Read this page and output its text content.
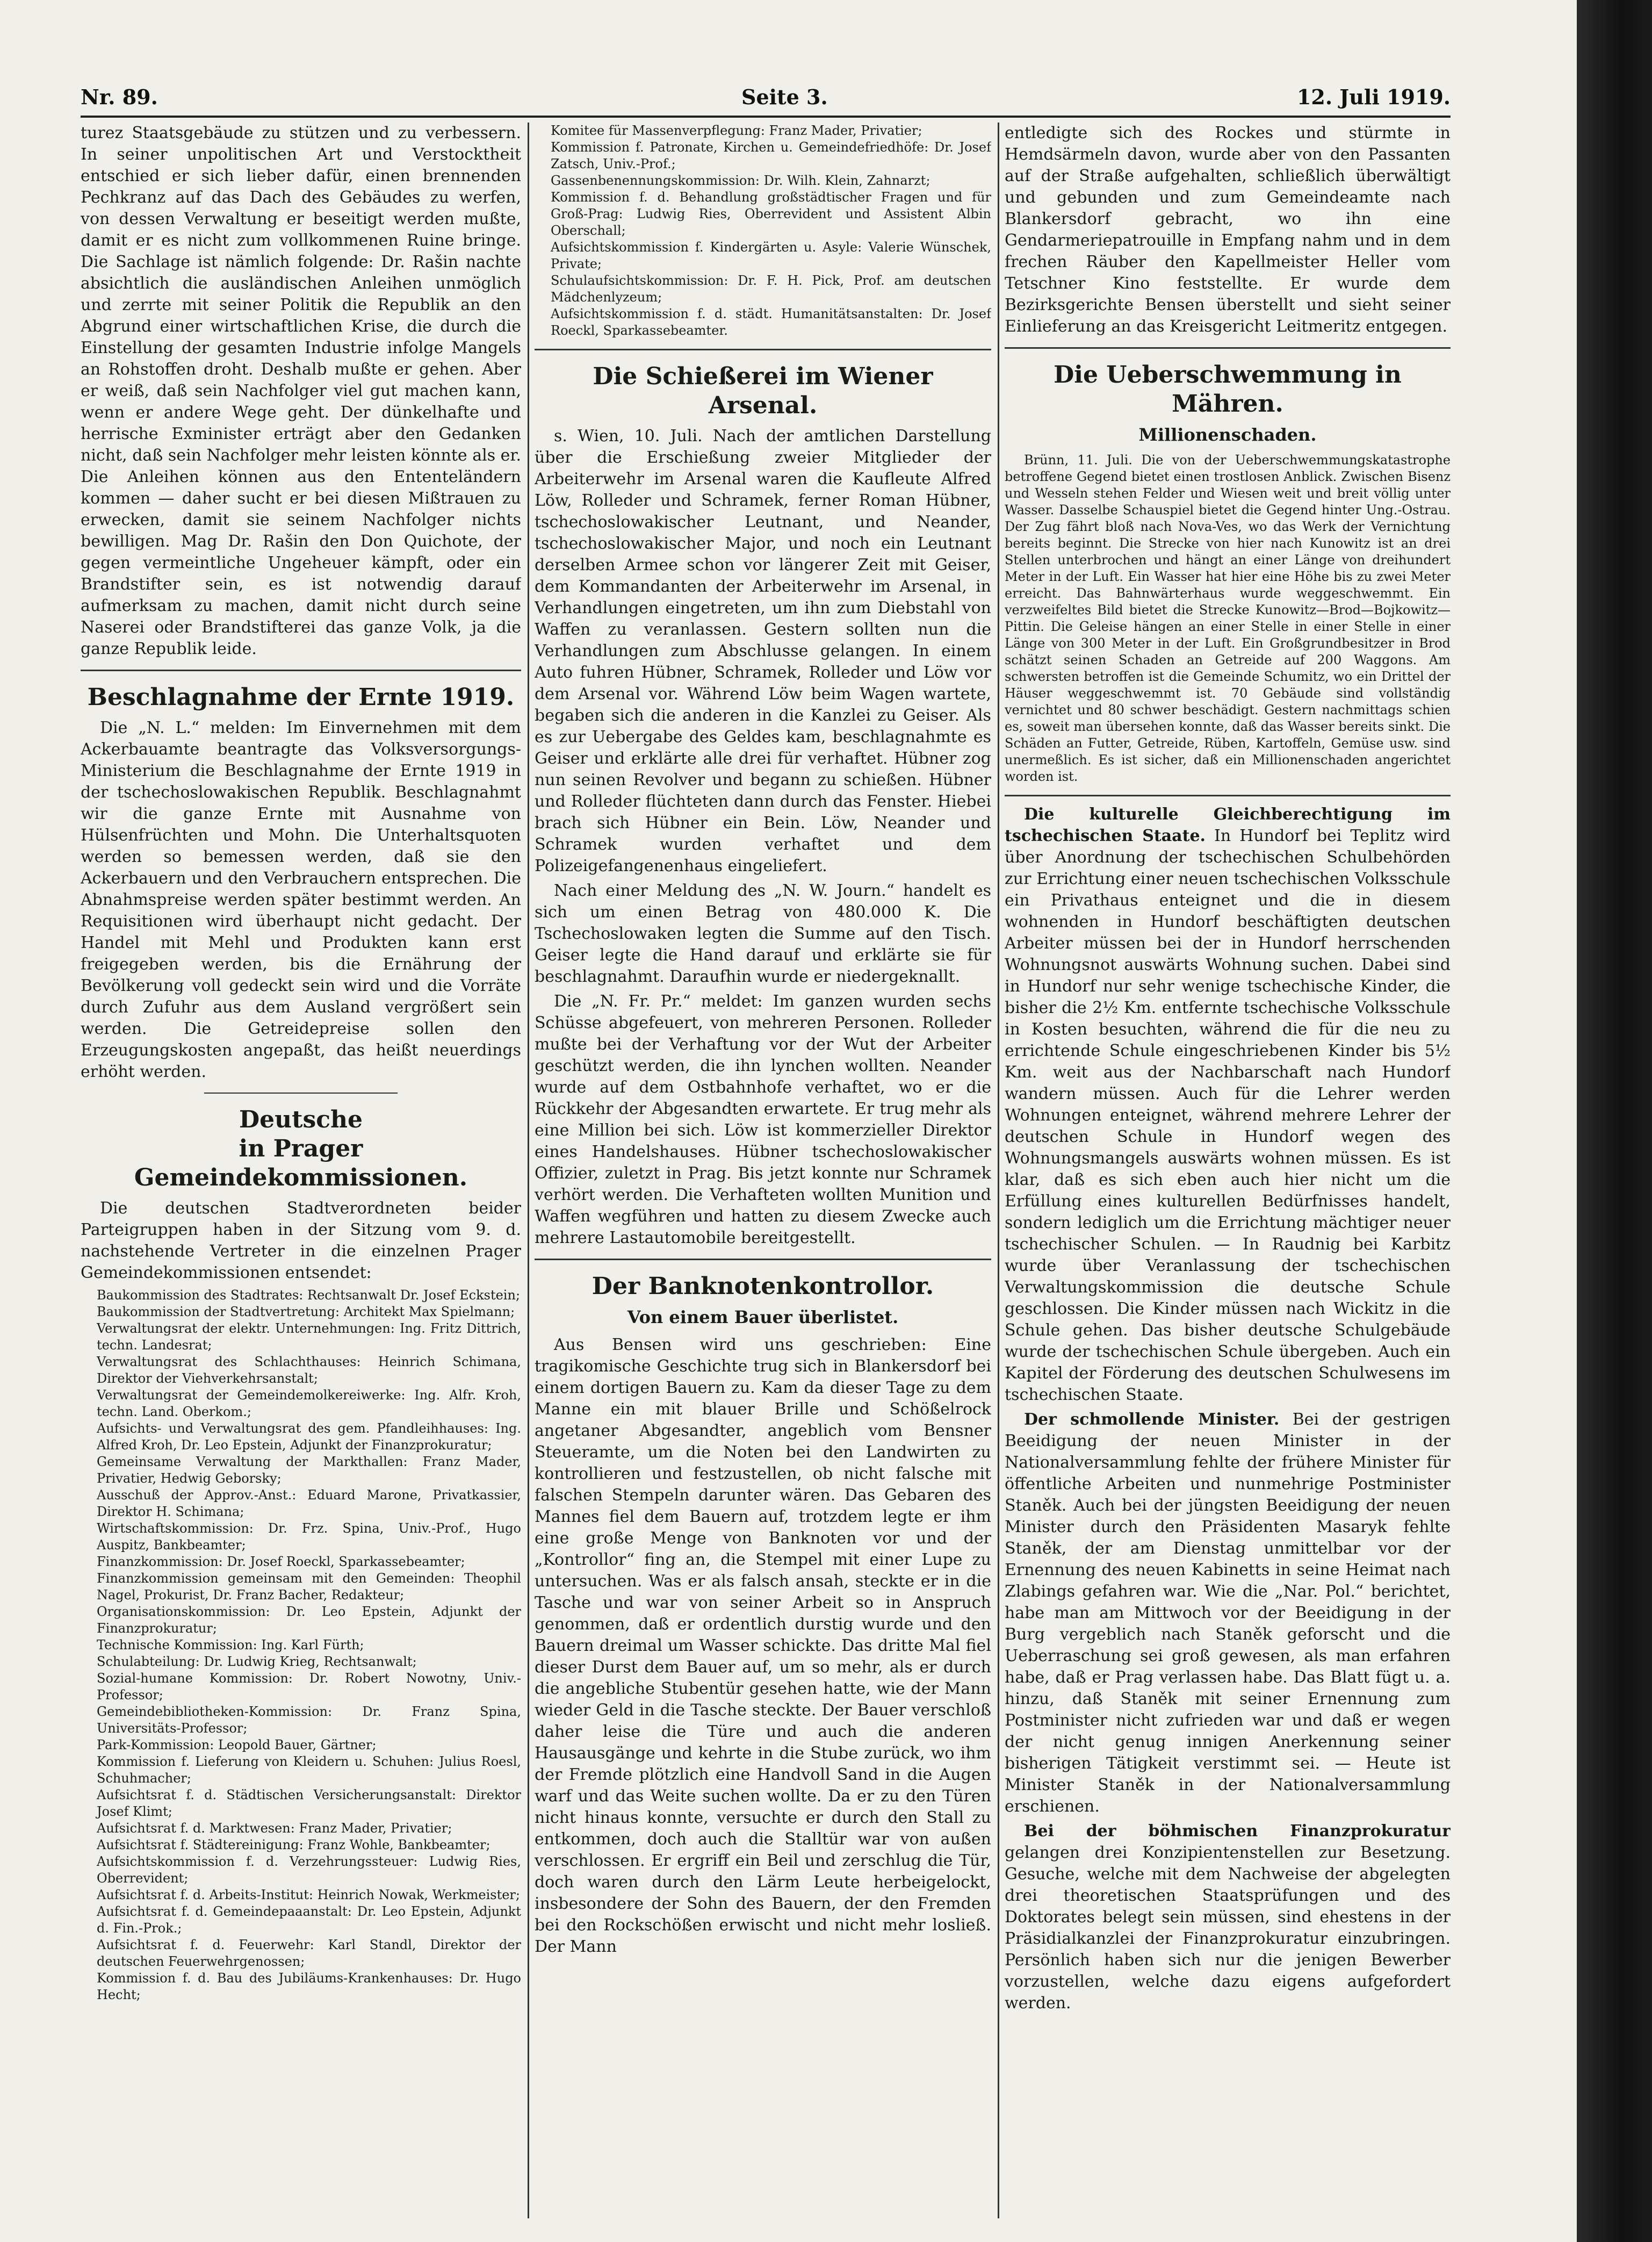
Nr. 89.	Seite 3.	12. Juli 1919.

turez Staatsgebäude zu stützen und zu verbessern. In seiner unpolitischen Art und Verstocktheit entschied er sich lieber dafür, einen brennenden Pechkranz auf das Dach des Gebäudes zu werfen, von dessen Verwaltung er beseitigt werden mußte, damit er es nicht zum vollkommenen Ruine bringe. Die Sachlage ist nämlich folgende: Dr. Rašin nachte absichtlich die ausländischen Anleihen unmöglich und zerrte mit seiner Politik die Republik an den Abgrund einer wirtschaftlichen Krise, die durch die Einstellung der gesamten Industrie infolge Mangels an Rohstoffen droht. Deshalb mußte er gehen. Aber er weiß, daß sein Nachfolger viel gut machen kann, wenn er andere Wege geht. Der dünkelhafte und herrische Exminister erträgt aber den Gedanken nicht, daß sein Nachfolger mehr leisten könnte als er. Die Anleihen können aus den Ententeländern kommen — daher sucht er bei diesen Mißtrauen zu erwecken, damit sie seinem Nachfolger nichts bewilligen. Mag Dr. Rašin den Don Quichote, der gegen vermeintliche Ungeheuer kämpft, oder ein Brandstifter sein, es ist notwendig darauf aufmerksam zu machen, damit nicht durch seine Naserei oder Brandstifterei das ganze Volk, ja die ganze Republik leide.

Beschlagnahme der Ernte 1919.

Die „N. L.“ melden: Im Einvernehmen mit dem Ackerbauamte beantragte das Volksversorgungs-Ministerium die Beschlagnahme der Ernte 1919 in der tschechoslowakischen Republik. Beschlagnahmt wir die ganze Ernte mit Ausnahme von Hülsenfrüchten und Mohn. Die Unterhaltsquoten werden so bemessen werden, daß sie den Ackerbauern und den Verbrauchern entsprechen. Die Abnahmspreise werden später bestimmt werden. An Requisitionen wird überhaupt nicht gedacht. Der Handel mit Mehl und Produkten kann erst freigegeben werden, bis die Ernährung der Bevölkerung voll gedeckt sein wird und die Vorräte durch Zufuhr aus dem Ausland vergrößert sein werden. Die Getreidepreise sollen den Erzeugungskosten angepaßt, das heißt neuerdings erhöht werden.

Deutsche
in Prager Gemeindekommissionen.

Die deutschen Stadtverordneten beider Parteigruppen haben in der Sitzung vom 9. d. nachstehende Vertreter in die einzelnen Prager Gemeindekommissionen entsendet:

Baukommission des Stadtrates: Rechtsanwalt Dr. Josef Eckstein;

Baukommission der Stadtvertretung: Architekt Max Spielmann;

Verwaltungsrat der elektr. Unternehmungen: Ing. Fritz Dittrich, techn. Landesrat;

Verwaltungsrat des Schlachthauses: Heinrich Schimana, Direktor der Viehverkehrsanstalt;

Verwaltungsrat der Gemeindemolkereiwerke: Ing. Alfr. Kroh, techn. Land. Oberkom.;

Aufsichts- und Verwaltungsrat des gem. Pfandleihhauses: Ing. Alfred Kroh, Dr. Leo Epstein, Adjunkt der Finanzprokuratur;

Gemeinsame Verwaltung der Markthallen: Franz Mader, Privatier, Hedwig Geborsky;

Ausschuß der Approv.-Anst.: Eduard Marone, Privatkassier, Direktor H. Schimana;

Wirtschaftskommission: Dr. Frz. Spina, Univ.-Prof., Hugo Auspitz, Bankbeamter;

Finanzkommission: Dr. Josef Roeckl, Sparkassebeamter;

Finanzkommission gemeinsam mit den Gemeinden: Theophil Nagel, Prokurist, Dr. Franz Bacher, Redakteur;

Organisationskommission: Dr. Leo Epstein, Adjunkt der Finanzprokuratur;

Technische Kommission: Ing. Karl Fürth;

Schulabteilung: Dr. Ludwig Krieg, Rechtsanwalt;

Sozial-humane Kommission: Dr. Robert Nowotny, Univ.-Professor;

Gemeindebibliotheken-Kommission: Dr. Franz Spina, Universitäts-Professor;

Park-Kommission: Leopold Bauer, Gärtner;

Kommission f. Lieferung von Kleidern u. Schuhen: Julius Roesl, Schuhmacher;

Aufsichtsrat f. d. Städtischen Versicherungsanstalt: Direktor Josef Klimt;

Aufsichtsrat f. d. Marktwesen: Franz Mader, Privatier;

Aufsichtsrat f. Städtereinigung: Franz Wohle, Bankbeamter;

Aufsichtskommission f. d. Verzehrungssteuer: Ludwig Ries, Oberrevident;

Aufsichtsrat f. d. Arbeits-Institut: Heinrich Nowak, Werkmeister;

Aufsichtsrat f. d. Gemeindepaaanstalt: Dr. Leo Epstein, Adjunkt d. Fin.-Prok.;

Aufsichtsrat f. d. Feuerwehr: Karl Standl, Direktor der deutschen Feuerwehrgenossen;

Kommission f. d. Bau des Jubiläums-Krankenhauses: Dr. Hugo Hecht;

Komitee für Massenverpflegung: Franz Mader, Privatier;

Kommission f. Patronate, Kirchen u. Gemeindefriedhöfe: Dr. Josef Zatsch, Univ.-Prof.;

Gassenbenennungskommission: Dr. Wilh. Klein, Zahnarzt;

Kommission f. d. Behandlung großstädtischer Fragen und für Groß-Prag: Ludwig Ries, Oberrevident und Assistent Albin Oberschall;

Aufsichtskommission f. Kindergärten u. Asyle: Valerie Wünschek, Private;

Schulaufsichtskommission: Dr. F. H. Pick, Prof. am deutschen Mädchenlyzeum;

Aufsichtskommission f. d. städt. Humanitätsanstalten: Dr. Josef Roeckl, Sparkassebeamter.

Die Schießerei im Wiener Arsenal.

s. Wien, 10. Juli. Nach der amtlichen Darstellung über die Erschießung zweier Mitglieder der Arbeiterwehr im Arsenal waren die Kaufleute Alfred Löw, Rolleder und Schramek, ferner Roman Hübner, tschechoslowakischer Leutnant, und Neander, tschechoslowakischer Major, und noch ein Leutnant derselben Armee schon vor längerer Zeit mit Geiser, dem Kommandanten der Arbeiterwehr im Arsenal, in Verhandlungen eingetreten, um ihn zum Diebstahl von Waffen zu veranlassen. Gestern sollten nun die Verhandlungen zum Abschlusse gelangen. In einem Auto fuhren Hübner, Schramek, Rolleder und Löw vor dem Arsenal vor. Während Löw beim Wagen wartete, begaben sich die anderen in die Kanzlei zu Geiser. Als es zur Uebergabe des Geldes kam, beschlagnahmte es Geiser und erklärte alle drei für verhaftet. Hübner zog nun seinen Revolver und begann zu schießen. Hübner und Rolleder flüchteten dann durch das Fenster. Hiebei brach sich Hübner ein Bein. Löw, Neander und Schramek wurden verhaftet und dem Polizeigefangenenhaus eingeliefert.

Nach einer Meldung des „N. W. Journ.“ handelt es sich um einen Betrag von 480.000 K. Die Tschechoslowaken legten die Summe auf den Tisch. Geiser legte die Hand darauf und erklärte sie für beschlagnahmt. Daraufhin wurde er niedergeknallt.

Die „N. Fr. Pr.“ meldet: Im ganzen wurden sechs Schüsse abgefeuert, von mehreren Personen. Rolleder mußte bei der Verhaftung vor der Wut der Arbeiter geschützt werden, die ihn lynchen wollten. Neander wurde auf dem Ostbahnhofe verhaftet, wo er die Rückkehr der Abgesandten erwartete. Er trug mehr als eine Million bei sich. Löw ist kommerzieller Direktor eines Handelshauses. Hübner tschechoslowakischer Offizier, zuletzt in Prag. Bis jetzt konnte nur Schramek verhört werden. Die Verhafteten wollten Munition und Waffen wegführen und hatten zu diesem Zwecke auch mehrere Lastautomobile bereitgestellt.

Der Banknotenkontrollor.
Von einem Bauer überlistet.

Aus Bensen wird uns geschrieben: Eine tragikomische Geschichte trug sich in Blankersdorf bei einem dortigen Bauern zu. Kam da dieser Tage zu dem Manne ein mit blauer Brille und Schößelrock angetaner Abgesandter, angeblich vom Bensner Steueramte, um die Noten bei den Landwirten zu kontrollieren und festzustellen, ob nicht falsche mit falschen Stempeln darunter wären. Das Gebaren des Mannes fiel dem Bauern auf, trotzdem legte er ihm eine große Menge von Banknoten vor und der „Kontrollor“ fing an, die Stempel mit einer Lupe zu untersuchen. Was er als falsch ansah, steckte er in die Tasche und war von seiner Arbeit so in Anspruch genommen, daß er ordentlich durstig wurde und den Bauern dreimal um Wasser schickte. Das dritte Mal fiel dieser Durst dem Bauer auf, um so mehr, als er durch die angebliche Stubentür gesehen hatte, wie der Mann wieder Geld in die Tasche steckte. Der Bauer verschloß daher leise die Türe und auch die anderen Hausausgänge und kehrte in die Stube zurück, wo ihm der Fremde plötzlich eine Handvoll Sand in die Augen warf und das Weite suchen wollte. Da er zu den Türen nicht hinaus konnte, versuchte er durch den Stall zu entkommen, doch auch die Stalltür war von außen verschlossen. Er ergriff ein Beil und zerschlug die Tür, doch waren durch den Lärm Leute herbeigelockt, insbesondere der Sohn des Bauern, der den Fremden bei den Rockschößen erwischt und nicht mehr losließ. Der Mann

entledigte sich des Rockes und stürmte in Hemdsärmeln davon, wurde aber von den Passanten auf der Straße aufgehalten, schließlich überwältigt und gebunden und zum Gemeindeamte nach Blankersdorf gebracht, wo ihn eine Gendarmeriepatrouille in Empfang nahm und in dem frechen Räuber den Kapellmeister Heller vom Tetschner Kino feststellte. Er wurde dem Bezirksgerichte Bensen überstellt und sieht seiner Einlieferung an das Kreisgericht Leitmeritz entgegen.

Die Ueberschwemmung in Mähren.
Millionenschaden.

Brünn, 11. Juli. Die von der Ueberschwemmungskatastrophe betroffene Gegend bietet einen trostlosen Anblick. Zwischen Bisenz und Wesseln stehen Felder und Wiesen weit und breit völlig unter Wasser. Dasselbe Schauspiel bietet die Gegend hinter Ung.-Ostrau. Der Zug fährt bloß nach Nova-Ves, wo das Werk der Vernichtung bereits beginnt. Die Strecke von hier nach Kunowitz ist an drei Stellen unterbrochen und hängt an einer Länge von dreihundert Meter in der Luft. Ein Wasser hat hier eine Höhe bis zu zwei Meter erreicht. Das Bahnwärterhaus wurde weggeschwemmt. Ein verzweifeltes Bild bietet die Strecke Kunowitz—Brod—Bojkowitz—Pittin. Die Geleise hängen an einer Stelle in einer Stelle in einer Länge von 300 Meter in der Luft. Ein Großgrundbesitzer in Brod schätzt seinen Schaden an Getreide auf 200 Waggons. Am schwersten betroffen ist die Gemeinde Schumitz, wo ein Drittel der Häuser weggeschwemmt ist. 70 Gebäude sind vollständig vernichtet und 80 schwer beschädigt. Gestern nachmittags schien es, soweit man übersehen konnte, daß das Wasser bereits sinkt. Die Schäden an Futter, Getreide, Rüben, Kartoffeln, Gemüse usw. sind unermeßlich. Es ist sicher, daß ein Millionenschaden angerichtet worden ist.

Die kulturelle Gleichberechtigung im tschechischen Staate. In Hundorf bei Teplitz wird über Anordnung der tschechischen Schulbehörden zur Errichtung einer neuen tschechischen Volksschule ein Privathaus enteignet und die in diesem wohnenden in Hundorf beschäftigten deutschen Arbeiter müssen bei der in Hundorf herrschenden Wohnungsnot auswärts Wohnung suchen. Dabei sind in Hundorf nur sehr wenige tschechische Kinder, die bisher die 2½ Km. entfernte tschechische Volksschule in Kosten besuchten, während die für die neu zu errichtende Schule eingeschriebenen Kinder bis 5½ Km. weit aus der Nachbarschaft nach Hundorf wandern müssen. Auch für die Lehrer werden Wohnungen enteignet, während mehrere Lehrer der deutschen Schule in Hundorf wegen des Wohnungsmangels auswärts wohnen müssen. Es ist klar, daß es sich eben auch hier nicht um die Erfüllung eines kulturellen Bedürfnisses handelt, sondern lediglich um die Errichtung mächtiger neuer tschechischer Schulen. — In Raudnig bei Karbitz wurde über Veranlassung der tschechischen Verwaltungskommission die deutsche Schule geschlossen. Die Kinder müssen nach Wickitz in die Schule gehen. Das bisher deutsche Schulgebäude wurde der tschechischen Schule übergeben. Auch ein Kapitel der Förderung des deutschen Schulwesens im tschechischen Staate.

Der schmollende Minister. Bei der gestrigen Beeidigung der neuen Minister in der Nationalversammlung fehlte der frühere Minister für öffentliche Arbeiten und nunmehrige Postminister Staněk. Auch bei der jüngsten Beeidigung der neuen Minister durch den Präsidenten Masaryk fehlte Staněk, der am Dienstag unmittelbar vor der Ernennung des neuen Kabinetts in seine Heimat nach Zlabings gefahren war. Wie die „Nar. Pol.“ berichtet, habe man am Mittwoch vor der Beeidigung in der Burg vergeblich nach Staněk geforscht und die Ueberraschung sei groß gewesen, als man erfahren habe, daß er Prag verlassen habe. Das Blatt fügt u. a. hinzu, daß Staněk mit seiner Ernennung zum Postminister nicht zufrieden war und daß er wegen der nicht genug innigen Anerkennung seiner bisherigen Tätigkeit verstimmt sei. — Heute ist Minister Staněk in der Nationalversammlung erschienen.

Bei der böhmischen Finanzprokuratur gelangen drei Konzipientenstellen zur Besetzung. Gesuche, welche mit dem Nachweise der abgelegten drei theoretischen Staatsprüfungen und des Doktorates belegt sein müssen, sind ehestens in der Präsidialkanzlei der Finanzprokuratur einzubringen. Persönlich haben sich nur die jenigen Bewerber vorzustellen, welche dazu eigens aufgefordert werden.
